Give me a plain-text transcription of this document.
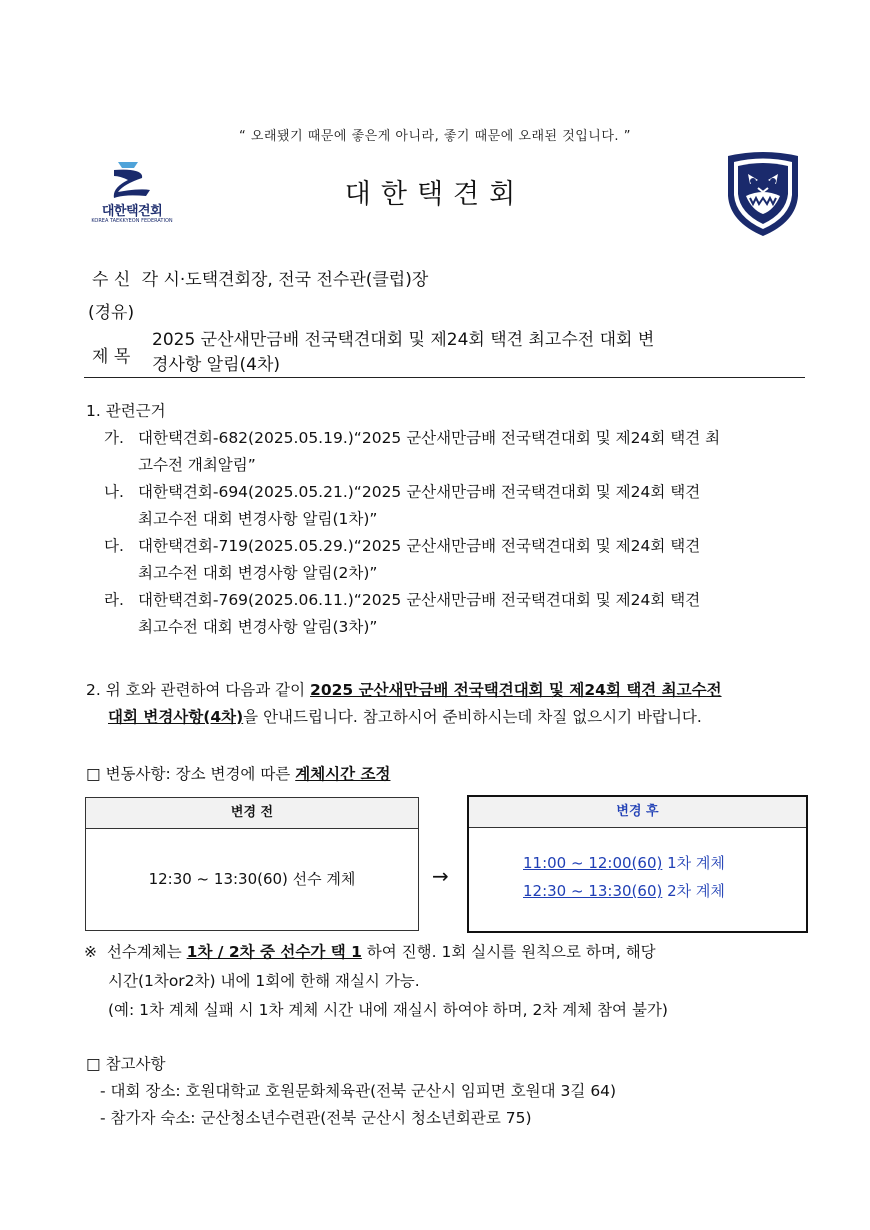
“ 오래됐기 때문에 좋은게 아니라, 좋기 때문에 오래된 것입니다. ”
대한택견회
KOREA TAEKKYEON FEDERATION
대한택견회
수 신 각 시·도택견회장, 전국 전수관(클럽)장
(경유)
제 목
2025 군산새만금배 전국택견대회 및 제24회 택견 최고수전 대회 변
경사항 알림(4차)
1. 관련근거
가. 대한택견회-682(2025.05.19.)“2025 군산새만금배 전국택견대회 및 제24회 택견 최
고수전 개최알림”
나. 대한택견회-694(2025.05.21.)“2025 군산새만금배 전국택견대회 및 제24회 택견
최고수전 대회 변경사항 알림(1차)”
다. 대한택견회-719(2025.05.29.)“2025 군산새만금배 전국택견대회 및 제24회 택견
최고수전 대회 변경사항 알림(2차)”
라. 대한택견회-769(2025.06.11.)“2025 군산새만금배 전국택견대회 및 제24회 택견
최고수전 대회 변경사항 알림(3차)”
2. 위 호와 관련하여 다음과 같이 2025 군산새만금배 전국택견대회 및 제24회 택견 최고수전
대회 변경사항(4차)을 안내드립니다. 참고하시어 준비하시는데 차질 없으시기 바랍니다.
□ 변동사항: 장소 변경에 따른 계체시간 조정
변경 전
12:30 ~ 13:30(60) 선수 계체	→
변경 후
11:00 ~ 12:00(60) 1차 계체
12:30 ~ 13:30(60) 2차 계체
※ 선수계체는 1차 / 2차 중 선수가 택 1 하여 진행. 1회 실시를 원칙으로 하며, 해당
시간(1차or2차) 내에 1회에 한해 재실시 가능.
(예: 1차 계체 실패 시 1차 계체 시간 내에 재실시 하여야 하며, 2차 계체 참여 불가)
□ 참고사항
- 대회 장소: 호원대학교 호원문화체육관(전북 군산시 임피면 호원대 3길 64)
- 참가자 숙소: 군산청소년수련관(전북 군산시 청소년회관로 75)
